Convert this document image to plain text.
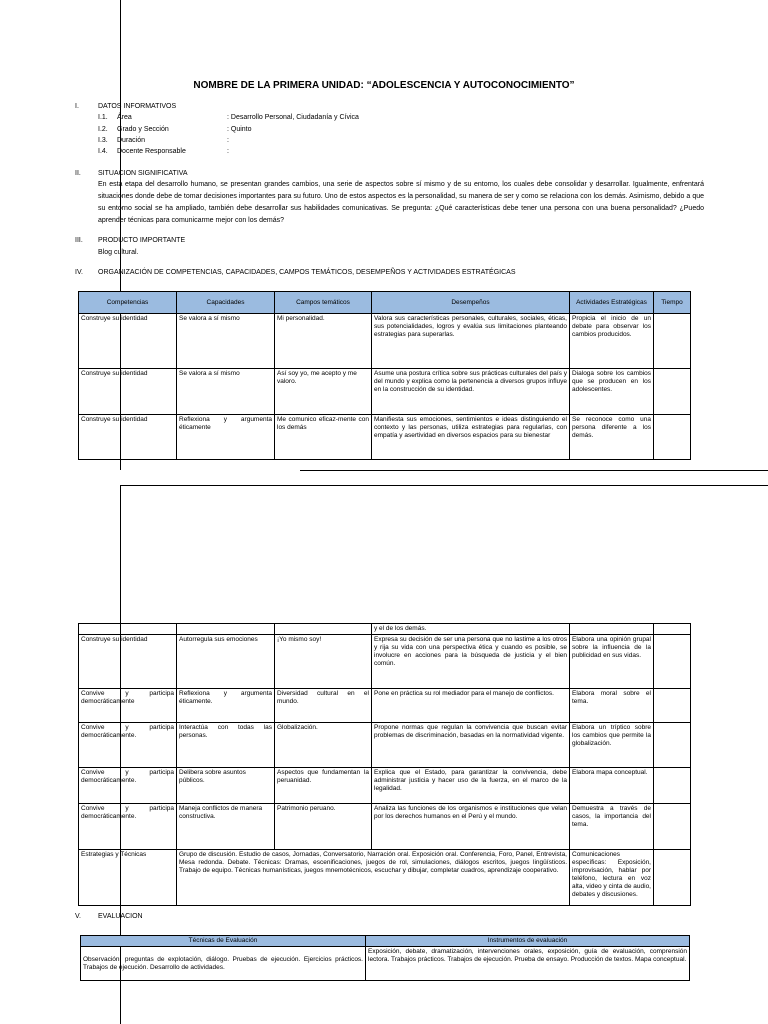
NOMBRE DE LA PRIMERA UNIDAD: “ADOLESCENCIA Y AUTOCONOCIMIENTO”
I.	DATOS INFORMATIVOS
I.1. Área	: Desarrollo Personal, Ciudadanía y Cívica
I.2. Grado y Sección	: Quinto
I.3. Duración	:
I.4. Docente Responsable	:
II.	SITUACION SIGNIFICATIVA
En esta etapa del desarrollo humano, se presentan grandes cambios, una serie de aspectos sobre sí mismo y de su entorno, los cuales debe consolidar y desarrollar. Igualmente, enfrentará situaciones donde debe de tomar decisiones importantes para su futuro. Uno de estos aspectos es la personalidad, su manera de ser y como se relaciona con los demás. Asimismo, debido a que su entorno social se ha ampliado, también debe desarrollar sus habilidades comunicativas. Se pregunta: ¿Qué características debe tener una persona con una buena personalidad? ¿Puedo aprender técnicas para comunicarme mejor con los demás?
III.	PRODUCTO IMPORTANTE
Blog cultural.
IV.	ORGANIZACIÓN DE COMPETENCIAS, CAPACIDADES, CAMPOS TEMÁTICOS, DESEMPEÑOS Y ACTIVIDADES ESTRATÉGICAS
Competencias	Capacidades	Campos temáticos	Desempeños	Actividades Estratégicas	Tiempo
Construye su identidad	Se valora a sí mismo	Mi personalidad.	Valora sus características personales, culturales, sociales, éticas, sus potencialidades, logros y evalúa sus limitaciones planteando estrategias para superarlas.	Propicia el inicio de un debate para observar los cambios producidos.	
Construye su identidad	Se valora a sí mismo	Así soy yo, me acepto y me valoro.	Asume una postura crítica sobre sus prácticas culturales del país y del mundo y explica como la pertenencia a diversos grupos influye en la construcción de su identidad.	Dialoga sobre los cambios que se producen en los adolescentes.	
Construye su identidad	Reflexiona y argumenta éticamente	Me comunico eficaz-mente con los demás	Manifiesta sus emociones, sentimientos e ideas distinguiendo el contexto y las personas, utiliza estrategias para regularlas, con empatía y asertividad en diversos espacios para su bienestar	Se reconoce como una persona diferente a los demás.	
			y el de los demás.		
Construye su identidad	Autorregula sus emociones	¡Yo mismo soy!	Expresa su decisión de ser una persona que no lastime a los otros y rija su vida con una perspectiva ética y cuando es posible, se involucre en acciones para la búsqueda de justicia y el bien común.	Elabora una opinión grupal sobre la influencia de la publicidad en sus vidas.	
Convive y participa democráticamente	Reflexiona y argumenta éticamente.	Diversidad cultural en el mundo.	Pone en práctica su rol mediador para el manejo de conflictos.	Elabora moral sobre el tema.	
Convive y participa democráticamente.	Interactúa con todas las personas.	Globalización.	Propone normas que regulan la convivencia que buscan evitar problemas de discriminación, basadas en la normatividad vigente.	Elabora un tríptico sobre los cambios que permite la globalización.	
Convive y participa democráticamente.	Delibera sobre asuntos públicos.	Aspectos que fundamentan la peruanidad.	Explica que el Estado, para garantizar la convivencia, debe administrar justicia y hacer uso de la fuerza, en el marco de la legalidad.	Elabora mapa conceptual.	
Convive y participa democráticamente.	Maneja conflictos de manera constructiva.	Patrimonio peruano.	Analiza las funciones de los organismos e instituciones que velan por los derechos humanos en el Perú y el mundo.	Demuestra a través de casos, la importancia del tema.	
Estrategias y Técnicas	Grupo de discusión. Estudio de casos, Jornadas, Conversatorio, Narración oral. Exposición oral. Conferencia, Foro, Panel, Entrevista, Mesa redonda. Debate. Técnicas: Dramas, escenificaciones, juegos de rol, simulaciones, diálogos escritos, juegos lingüísticos. Trabajo de equipo. Técnicas humanísticas, juegos mnemotécnicos, escuchar y dibujar, completar cuadros, aprendizaje cooperativo.			Comunicaciones específicas: Exposición, improvisación, hablar por teléfono, lectura en voz alta, video y cinta de audio, debates y discusiones.	
V.	EVALUACION
Técnicas de Evaluación	Instrumentos de evaluación
Observación, preguntas de explotación, diálogo. Pruebas de ejecución. Ejercicios prácticos. Trabajos de ejecución. Desarrollo de actividades.	Exposición, debate, dramatización, intervenciones orales, exposición, guía de evaluación, comprensión lectora. Trabajos prácticos. Trabajos de ejecución. Prueba de ensayo. Producción de textos. Mapa conceptual.
